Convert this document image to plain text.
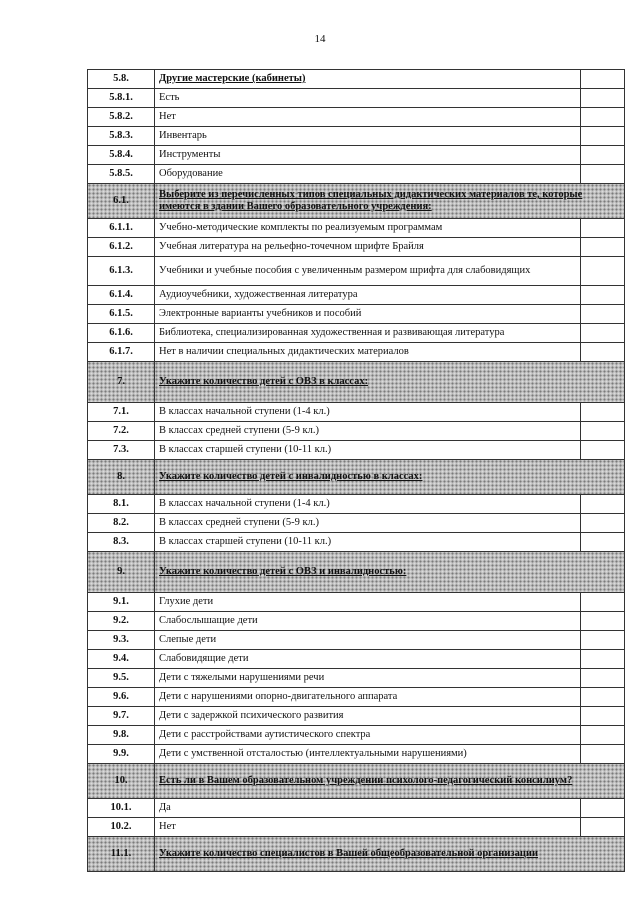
14
5.8.	Другие мастерские (кабинеты)	
5.8.1.	Есть	
5.8.2.	Нет	
5.8.3.	Инвентарь	
5.8.4.	Инструменты	
5.8.5.	Оборудование	
6.1.	Выберите из перечисленных типов специальных дидактических материалов те, которые имеются в здании Вашего образовательного учреждения:	
6.1.1.	Учебно-методические комплекты по реализуемым программам	
6.1.2.	Учебная литература на рельефно-точечном шрифте Брайля	
6.1.3.	Учебники и учебные пособия с увеличенным размером шрифта для слабовидящих	
6.1.4.	Аудиоучебники, художественная литература	
6.1.5.	Электронные варианты учебников и пособий	
6.1.6.	Библиотека, специализированная художественная и развивающая литература	
6.1.7.	Нет в наличии специальных дидактических материалов	
7.	Укажите количество детей с ОВЗ в классах:	
7.1.	В классах начальной ступени (1-4 кл.)	
7.2.	В классах средней ступени (5-9 кл.)	
7.3.	В классах старшей ступени (10-11 кл.)	
8.	Укажите количество детей с инвалидностью в классах:	
8.1.	В классах начальной ступени (1-4 кл.)	
8.2.	В классах средней ступени (5-9 кл.)	
8.3.	В классах старшей ступени (10-11 кл.)	
9.	Укажите количество детей с ОВЗ и инвалидностью:	
9.1.	Глухие дети	
9.2.	Слабослышащие дети	
9.3.	Слепые дети	
9.4.	Слабовидящие дети	
9.5.	Дети с тяжелыми нарушениями речи	
9.6.	Дети с нарушениями опорно-двигательного аппарата	
9.7.	Дети с задержкой психического развития	
9.8.	Дети с расстройствами аутистического спектра	
9.9.	Дети с умственной отсталостью (интеллектуальными нарушениями)	
10.	Есть ли в Вашем образовательном учреждении психолого-педагогический консилиум?	
10.1.	Да	
10.2.	Нет	
11.1.	Укажите количество специалистов в Вашей общеобразовательной организации	
